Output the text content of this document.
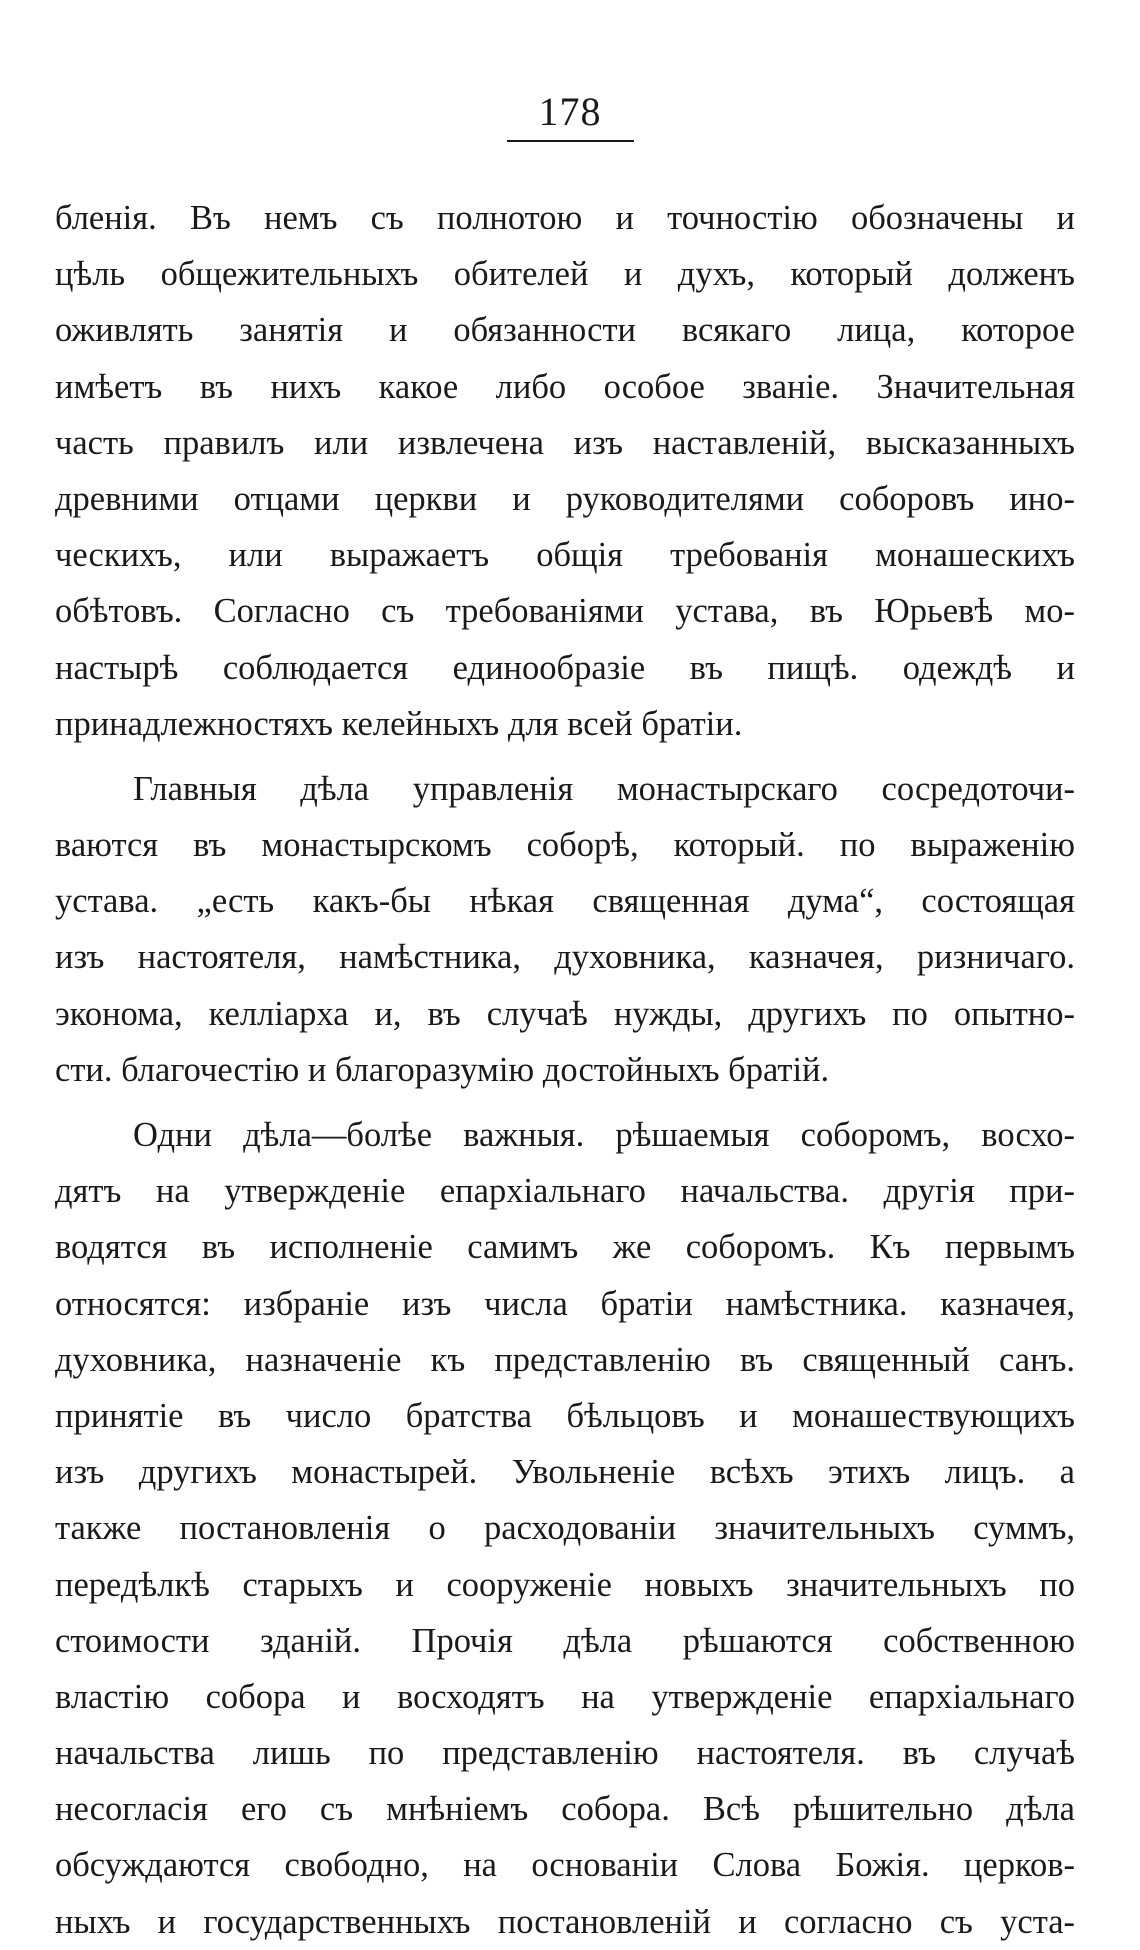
178
бленія. Въ немъ съ полнотою и точностію обозначены и
цѣль общежительныхъ обителей и духъ, который долженъ
оживлять занятія и обязанности всякаго лица, которое
имѣетъ въ нихъ какое либо особое званіе. Значительная
часть правилъ или извлечена изъ наставленій, высказанныхъ
древними отцами церкви и руководителями соборовъ ино-
ческихъ, или выражаетъ общія требованія монашескихъ
обѣтовъ. Согласно съ требованіями устава, въ Юрьевѣ мо-
настырѣ соблюдается единообразіе въ пищѣ. одеждѣ и
принадлежностяхъ келейныхъ для всей братіи.
Главныя дѣла управленія монастырскаго сосредоточи-
ваются въ монастырскомъ соборѣ, который. по выраженію
устава. „есть какъ-бы нѣкая священная дума“, состоящая
изъ настоятеля, намѣстника, духовника, казначея, ризничаго.
эконома, келліарха и, въ случаѣ нужды, другихъ по опытно-
сти. благочестію и благоразумію достойныхъ братій.
Одни дѣла—болѣе важныя. рѣшаемыя соборомъ, восхо-
дятъ на утвержденіе епархіальнаго начальства. другія при-
водятся въ исполненіе самимъ же соборомъ. Къ первымъ
относятся: избраніе изъ числа братіи намѣстника. казначея,
духовника, назначеніе къ представленію въ священный санъ.
принятіе въ число братства бѣльцовъ и монашествующихъ
изъ другихъ монастырей. Увольненіе всѣхъ этихъ лицъ. а
также постановленія о расходованіи значительныхъ суммъ,
передѣлкѣ старыхъ и сооруженіе новыхъ значительныхъ по
стоимости зданій. Прочія дѣла рѣшаются собственною
властію собора и восходятъ на утвержденіе епархіальнаго
начальства лишь по представленію настоятеля. въ случаѣ
несогласія его съ мнѣніемъ собора. Всѣ рѣшительно дѣла
обсуждаются свободно, на основаніи Слова Божія. церков-
ныхъ и государственныхъ постановленій и согласно съ уста-
